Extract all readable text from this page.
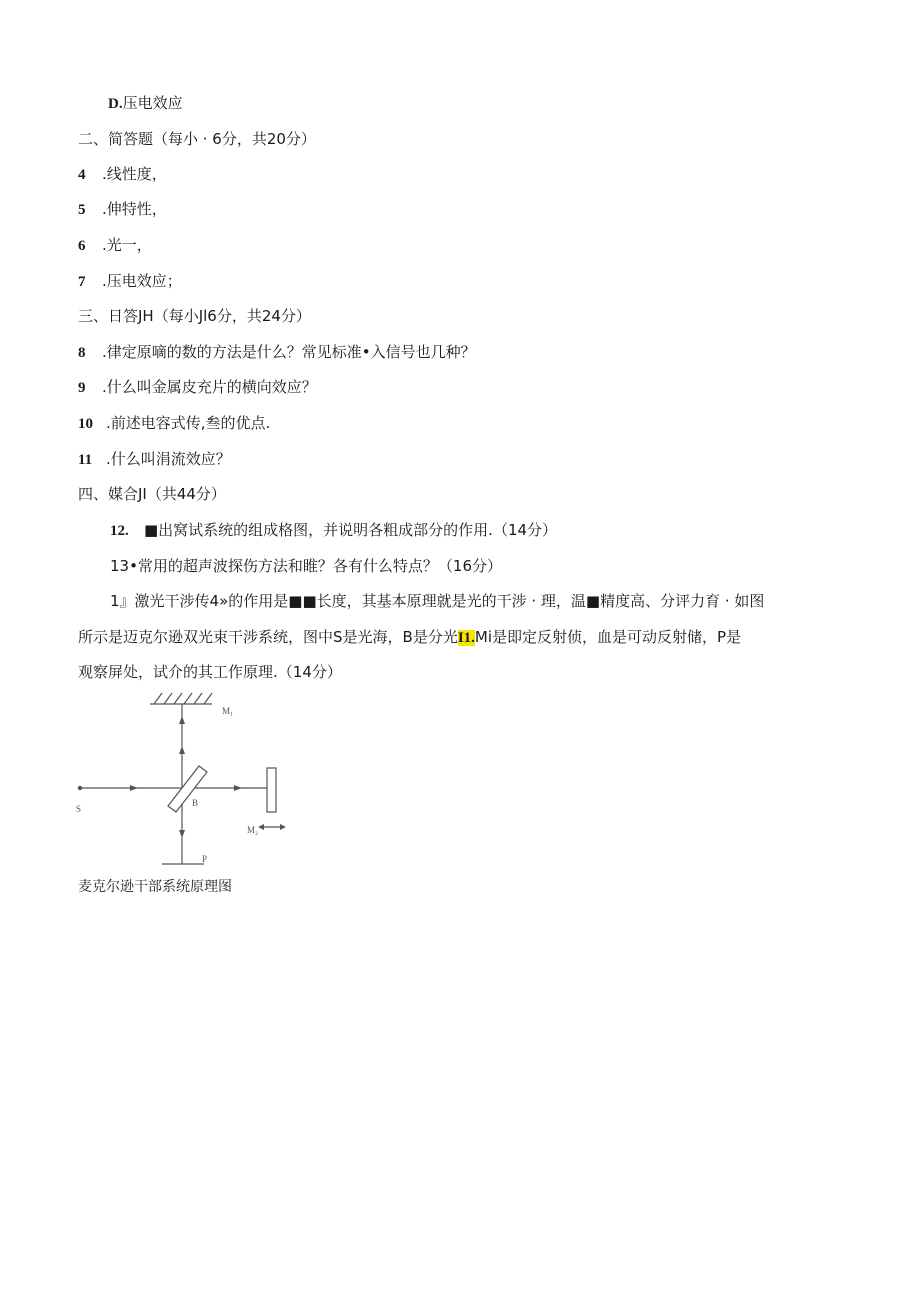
D.压电效应
二、简答题（每小 · 6分，共20分）
4 .线性度，
5 .伸特性，
6 .光一，
7 .压电效应；
三、日答JH（每小Jl6分，共24分）
8 .律定原嘀的数的方法是什么？常见标准•入信号也几种？
9 .什么叫金属皮充片的横向效应？
10 .前述电容式传,叁的优点.
11 .什么叫涓流效应？
四、媒合JI（共44分）
12. ■出窝试系统的组成格图，并说明各粗成部分的作用.（14分）
13•常用的超声波探伤方法和睢？各有什么特点？（16分）
1』激光干涉传4»的作用是■■长度，其基本原理就是光的干涉 · 理，温■精度高、分评力育 · 如图
所示是迈克尔逊双光束干涉系统，图中S是光海，B是分光I1.Mi是即定反射侦，血是可动反射储，P是
观察屏处，试介的其工作原理.（14分）
M₁
S
B
M₂
P
麦克尔逊干部系统原理图
